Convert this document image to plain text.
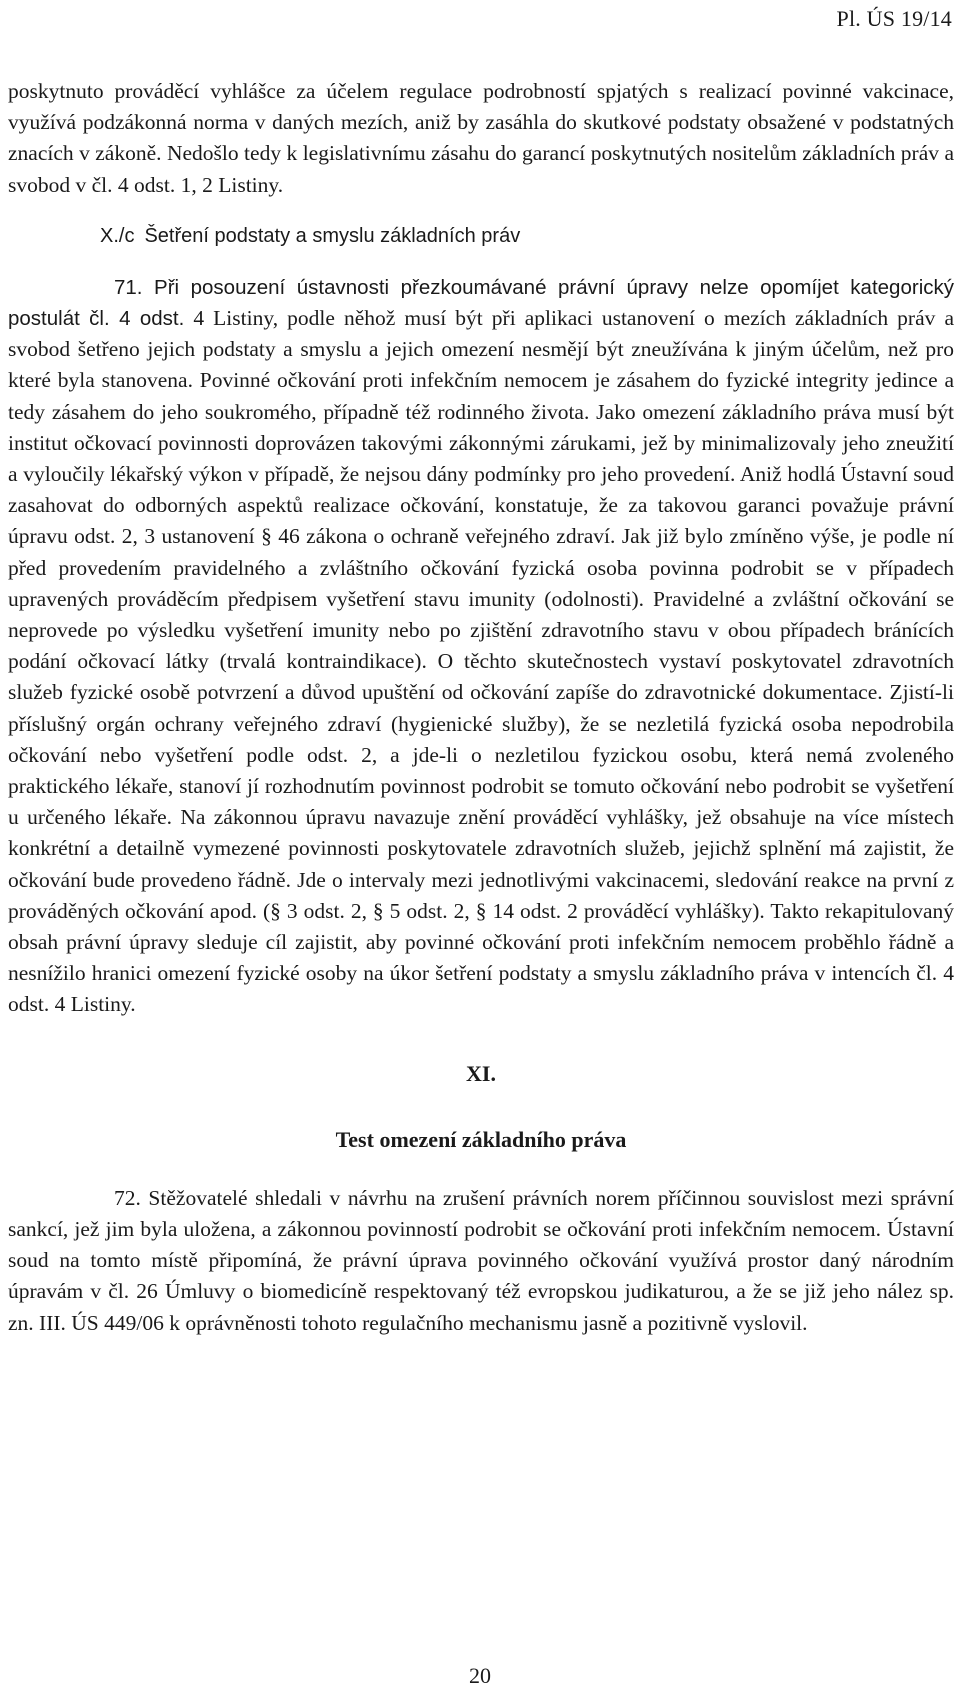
Pl. ÚS 19/14

poskytnuto prováděcí vyhlášce za účelem regulace podrobností spjatých s realizací povinné vakcinace, využívá podzákonná norma v daných mezích, aniž by zasáhla do skutkové podstaty obsažené v podstatných znacích v zákoně. Nedošlo tedy k legislativnímu zásahu do garancí poskytnutých nositelům základních práv a svobod v čl. 4 odst. 1, 2 Listiny.

X./c Šetření podstaty a smyslu základních práv

71. Při posouzení ústavnosti přezkoumávané právní úpravy nelze opomíjet kategorický postulát čl. 4 odst. 4 Listiny, podle něhož musí být při aplikaci ustanovení o mezích základních práv a svobod šetřeno jejich podstaty a smyslu a jejich omezení nesmějí být zneužívána k jiným účelům, než pro které byla stanovena. Povinné očkování proti infekčním nemocem je zásahem do fyzické integrity jedince a tedy zásahem do jeho soukromého, případně též rodinného života. Jako omezení základního práva musí být institut očkovací povinnosti doprovázen takovými zákonnými zárukami, jež by minimalizovaly jeho zneužití a vyloučily lékařský výkon v případě, že nejsou dány podmínky pro jeho provedení. Aniž hodlá Ústavní soud zasahovat do odborných aspektů realizace očkování, konstatuje, že za takovou garanci považuje právní úpravu odst. 2, 3 ustanovení § 46 zákona o ochraně veřejného zdraví. Jak již bylo zmíněno výše, je podle ní před provedením pravidelného a zvláštního očkování fyzická osoba povinna podrobit se v případech upravených prováděcím předpisem vyšetření stavu imunity (odolnosti). Pravidelné a zvláštní očkování se neprovede po výsledku vyšetření imunity nebo po zjištění zdravotního stavu v obou případech bránících podání očkovací látky (trvalá kontraindikace). O těchto skutečnostech vystaví poskytovatel zdravotních služeb fyzické osobě potvrzení a důvod upuštění od očkování zapíše do zdravotnické dokumentace. Zjistí-li příslušný orgán ochrany veřejného zdraví (hygienické služby), že se nezletilá fyzická osoba nepodrobila očkování nebo vyšetření podle odst. 2, a jde-li o nezletilou fyzickou osobu, která nemá zvoleného praktického lékaře, stanoví jí rozhodnutím povinnost podrobit se tomuto očkování nebo podrobit se vyšetření u určeného lékaře. Na zákonnou úpravu navazuje znění prováděcí vyhlášky, jež obsahuje na více místech konkrétní a detailně vymezené povinnosti poskytovatele zdravotních služeb, jejichž splnění má zajistit, že očkování bude provedeno řádně. Jde o intervaly mezi jednotlivými vakcinacemi, sledování reakce na první z prováděných očkování apod. (§ 3 odst. 2, § 5 odst. 2, § 14 odst. 2 prováděcí vyhlášky). Takto rekapitulovaný obsah právní úpravy sleduje cíl zajistit, aby povinné očkování proti infekčním nemocem proběhlo řádně a nesnížilo hranici omezení fyzické osoby na úkor šetření podstaty a smyslu základního práva v intencích čl. 4 odst. 4 Listiny.

XI.
Test omezení základního práva

72. Stěžovatelé shledali v návrhu na zrušení právních norem příčinnou souvislost mezi správní sankcí, jež jim byla uložena, a zákonnou povinností podrobit se očkování proti infekčním nemocem. Ústavní soud na tomto místě připomíná, že právní úprava povinného očkování využívá prostor daný národním úpravám v čl. 26 Úmluvy o biomedicíně respektovaný též evropskou judikaturou, a že se již jeho nález sp. zn. III. ÚS 449/06 k oprávněnosti tohoto regulačního mechanismu jasně a pozitivně vyslovil.

20
